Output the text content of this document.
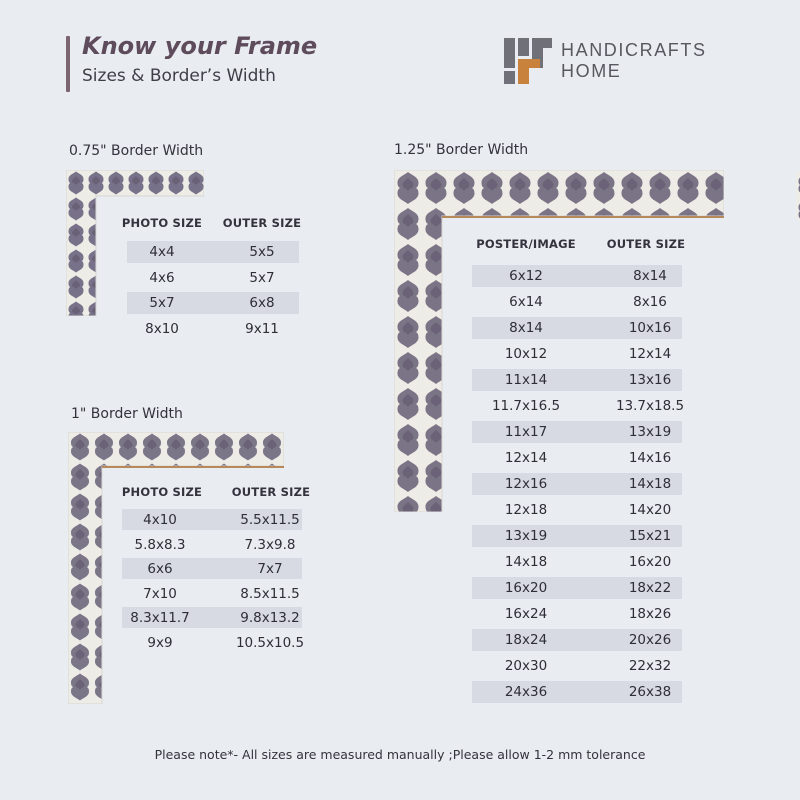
Know your Frame
Sizes & Border’s Width
HANDICRAFTS
HOME
0.75" Border Width
PHOTO SIZE	OUTER SIZE
4x4	5x5
4x6	5x7
5x7	6x8
8x10	9x11
1" Border Width
PHOTO SIZE	OUTER SIZE
4x10	5.5x11.5
5.8x8.3	7.3x9.8
6x6	7x7
7x10	8.5x11.5
8.3x11.7	9.8x13.2
9x9	10.5x10.5
1.25" Border Width
POSTER/IMAGE	OUTER SIZE
6x12	8x14
6x14	8x16
8x14	10x16
10x12	12x14
11x14	13x16
11.7x16.5	13.7x18.5
11x17	13x19
12x14	14x16
12x16	14x18
12x18	14x20
13x19	15x21
14x18	16x20
16x20	18x22
16x24	18x26
18x24	20x26
20x30	22x32
24x36	26x38
Please note*- All sizes are measured manually ;Please allow 1-2 mm tolerance
